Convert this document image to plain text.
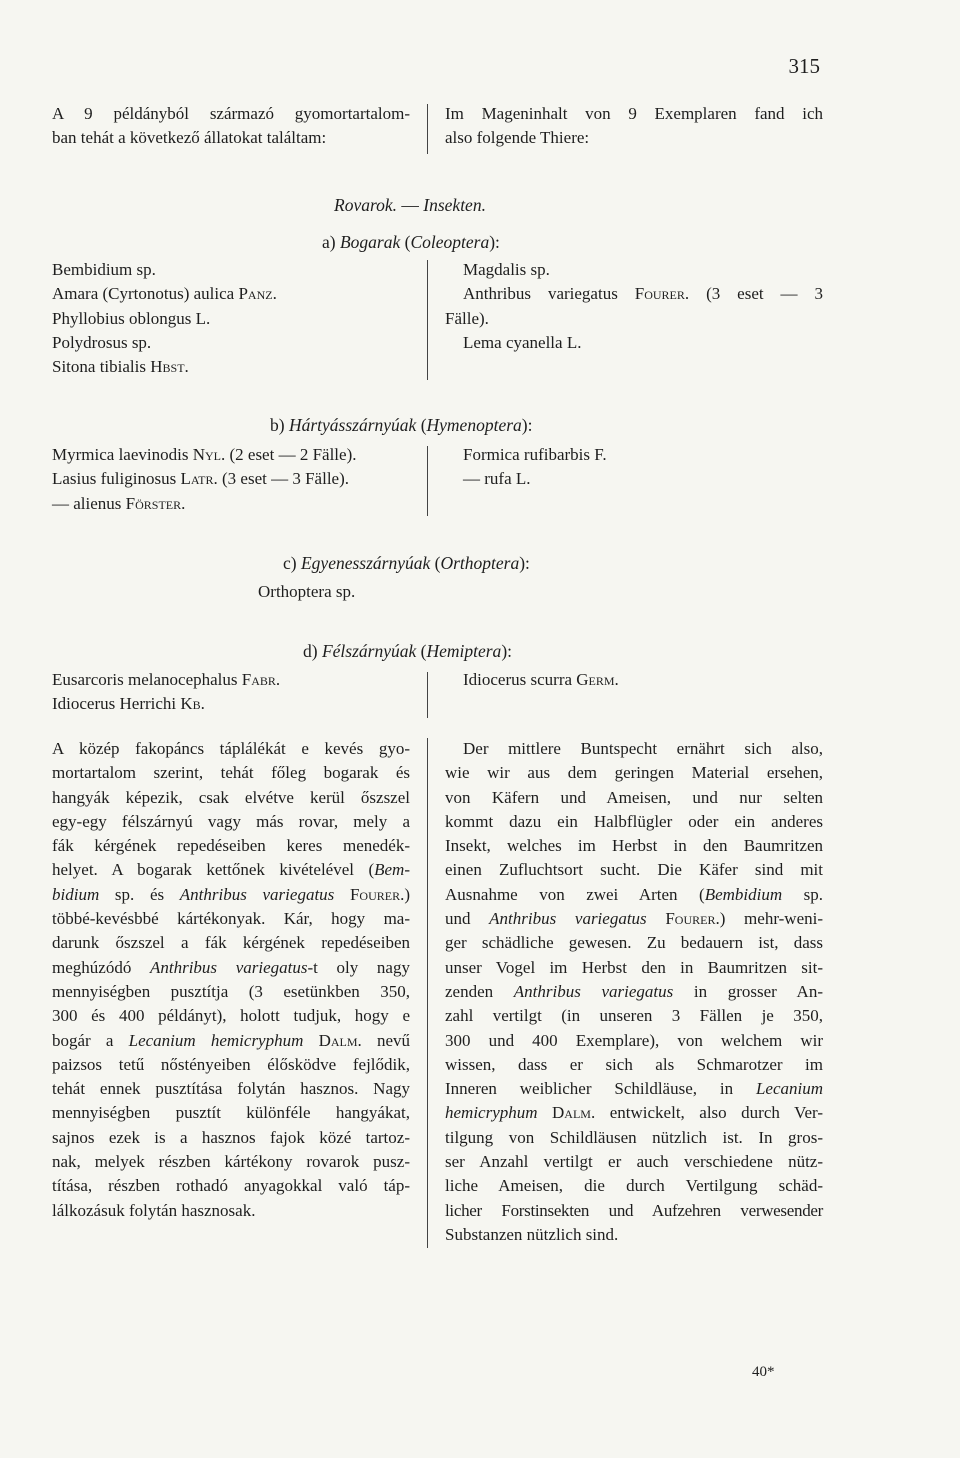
315
A 9 példányból származó gyomortartalom-
ban tehát a következő állatokat találtam:
Im Mageninhalt von 9 Exemplaren fand ich
also folgende Thiere:
Rovarok. — Insekten.
a) Bogarak (Coleoptera):
Bembidium sp.
Amara (Cyrtonotus) aulica Panz.
Phyllobius oblongus L.
Polydrosus sp.
Sitona tibialis Hbst.
Magdalis sp.
Anthribus variegatus Fourer. (3 eset — 3
Fälle).
Lema cyanella L.
b) Hártyásszárnyúak (Hymenoptera):
Myrmica laevinodis Nyl. (2 eset — 2 Fälle).
Lasius fuliginosus Latr. (3 eset — 3 Fälle).
— alienus Förster.
Formica rufibarbis F.
— rufa L.
c) Egyenesszárnyúak (Orthoptera):
Orthoptera sp.
d) Félszárnyúak (Hemiptera):
Eusarcoris melanocephalus Fabr.
Idiocerus Herrichi Kb.
Idiocerus scurra Germ.
A közép fakopáncs táplálékát e kevés gyo-
mortartalom szerint, tehát főleg bogarak és
hangyák képezik, csak elvétve kerül őszszel
egy-egy félszárnyú vagy más rovar, mely a
fák kérgének repedéseiben keres menedék-
helyet. A bogarak kettőnek kivételével (Bem-
bidium sp. és Anthribus variegatus Fourer.)
többé-kevésbbé kártékonyak. Kár, hogy ma-
darunk őszszel a fák kérgének repedéseiben
meghúzódó Anthribus variegatus-t oly nagy
mennyiségben pusztítja (3 esetünkben 350,
300 és 400 példányt), holott tudjuk, hogy e
bogár a Lecanium hemicryphum Dalm. nevű
paizsos tetű nőstényeiben élősködve fejlődik,
tehát ennek pusztítása folytán hasznos. Nagy
mennyiségben pusztít különféle hangyákat,
sajnos ezek is a hasznos fajok közé tartoz-
nak, melyek részben kártékony rovarok pusz-
títása, részben rothadó anyagokkal való táp-
lálkozásuk folytán hasznosak.
Der mittlere Buntspecht ernährt sich also,
wie wir aus dem geringen Material ersehen,
von Käfern und Ameisen, und nur selten
kommt dazu ein Halbflügler oder ein anderes
Insekt, welches im Herbst in den Baumritzen
einen Zufluchtsort sucht. Die Käfer sind mit
Ausnahme von zwei Arten (Bembidium sp.
und Anthribus variegatus Fourer.) mehr-weni-
ger schädliche gewesen. Zu bedauern ist, dass
unser Vogel im Herbst den in Baumritzen sit-
zenden Anthribus variegatus in grosser An-
zahl vertilgt (in unseren 3 Fällen je 350,
300 und 400 Exemplare), von welchem wir
wissen, dass er sich als Schmarotzer im
Inneren weiblicher Schildläuse, in Lecanium
hemicryphum Dalm. entwickelt, also durch Ver-
tilgung von Schildläusen nützlich ist. In gros-
ser Anzahl vertilgt er auch verschiedene nütz-
liche Ameisen, die durch Vertilgung schäd-
licher Forstinsekten und Aufzehren verwesender
Substanzen nützlich sind.
40*
